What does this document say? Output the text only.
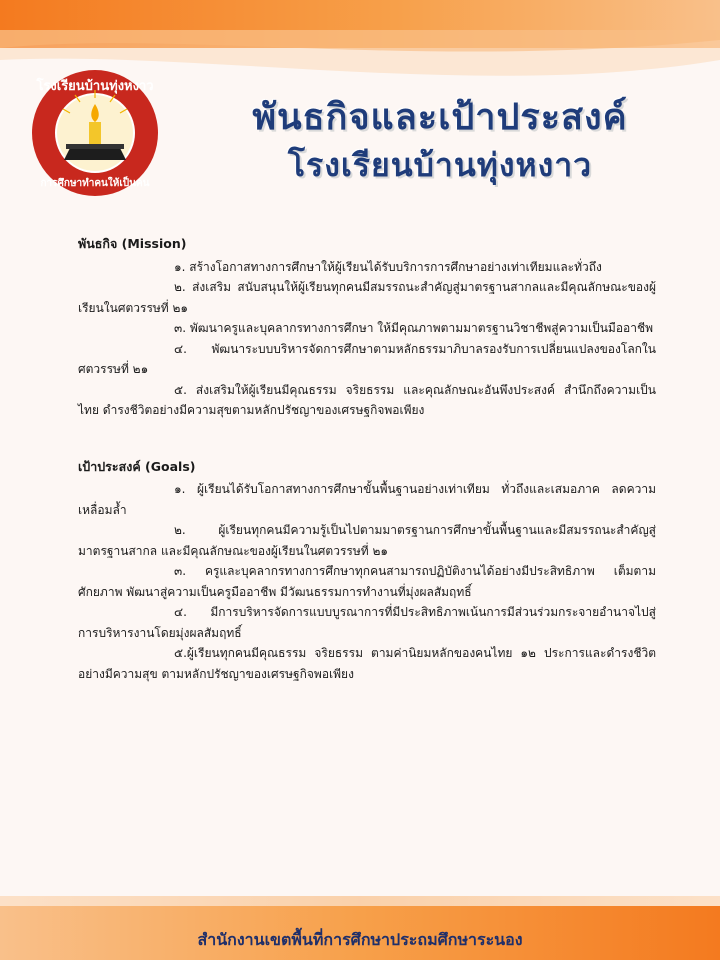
โรงเรียนบ้านทุ่งหงาว
การศึกษาทำคนให้เป็นคน
พันธกิจและเป้าประสงค์
โรงเรียนบ้านทุ่งหงาว

พันธกิจ (Mission)

๑. สร้างโอกาสทางการศึกษาให้ผู้เรียนได้รับบริการการศึกษาอย่างเท่าเทียมและทั่วถึง

๒. ส่งเสริม สนับสนุนให้ผู้เรียนทุกคนมีสมรรถนะสำคัญสู่มาตรฐานสากลและมีคุณลักษณะของผู้เรียนในศตวรรษที่ ๒๑

๓. พัฒนาครูและบุคลากรทางการศึกษา ให้มีคุณภาพตามมาตรฐานวิชาชีพสู่ความเป็นมืออาชีพ

๔. พัฒนาระบบบริหารจัดการศึกษาตามหลักธรรมาภิบาลรองรับการเปลี่ยนแปลงของโลกในศตวรรษที่ ๒๑

๕. ส่งเสริมให้ผู้เรียนมีคุณธรรม จริยธรรม และคุณลักษณะอันพึงประสงค์ สำนึกถึงความเป็นไทย ดำรงชีวิตอย่างมีความสุขตามหลักปรัชญาของเศรษฐกิจพอเพียง

เป้าประสงค์ (Goals)

๑. ผู้เรียนได้รับโอกาสทางการศึกษาขั้นพื้นฐานอย่างเท่าเทียม ทั่วถึงและเสมอภาค ลดความเหลื่อมล้ำ

๒. ผู้เรียนทุกคนมีความรู้เป็นไปตามมาตรฐานการศึกษาขั้นพื้นฐานและมีสมรรถนะสำคัญสู่มาตรฐานสากล และมีคุณลักษณะของผู้เรียนในศตวรรษที่ ๒๑

๓. ครูและบุคลากรทางการศึกษาทุกคนสามารถปฏิบัติงานได้อย่างมีประสิทธิภาพ เต็มตามศักยภาพ พัฒนาสู่ความเป็นครูมืออาชีพ มีวัฒนธรรมการทำงานที่มุ่งผลสัมฤทธิ์

๔. มีการบริหารจัดการแบบบูรณาการที่มีประสิทธิภาพเน้นการมีส่วนร่วมกระจายอำนาจไปสู่การบริหารงานโดยมุ่งผลสัมฤทธิ์

๕.ผู้เรียนทุกคนมีคุณธรรม จริยธรรม ตามค่านิยมหลักของคนไทย ๑๒ ประการและดำรงชีวิตอย่างมีความสุข ตามหลักปรัชญาของเศรษฐกิจพอเพียง

สำนักงานเขตพื้นที่การศึกษาประถมศึกษาระนอง
